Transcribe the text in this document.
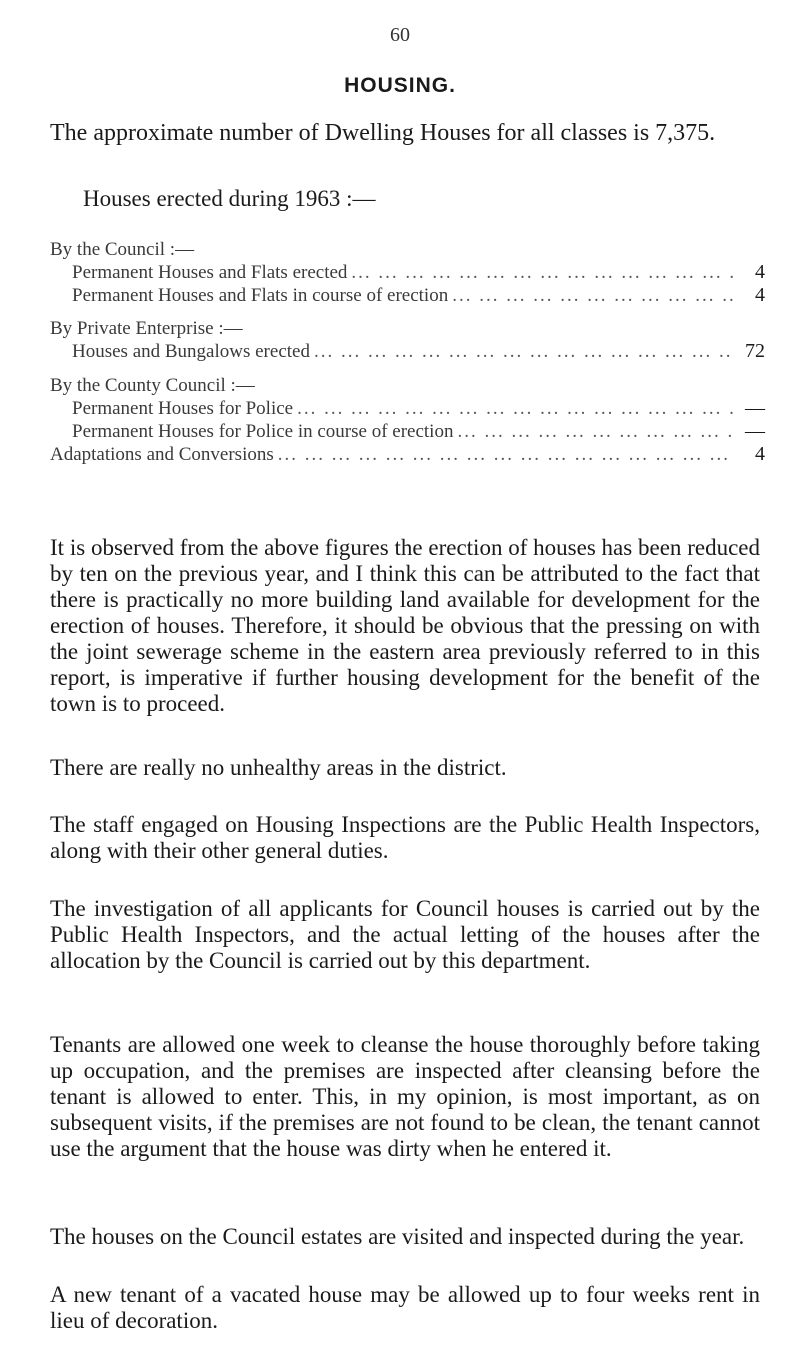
60
HOUSING.
The approximate number of Dwelling Houses for all classes is 7,375.
Houses erected during 1963 :—
By the Council :—
Permanent Houses and Flats erected ... .	4
Permanent Houses and Flats in course of erection ... .	4
By Private Enterprise :—
Houses and Bungalows erected ... .	72
By the County Council :—
Permanent Houses for Police ... .	—
Permanent Houses for Police in course of erection ... .	—
Adaptations and Conversions ... .	4
It is observed from the above figures the erection of houses has been reduced by ten on the previous year, and I think this can be attributed to the fact that there is practically no more building land available for development for the erection of houses. Therefore, it should be obvious that the pressing on with the joint sewerage scheme in the eastern area previously referred to in this report, is imperative if further housing development for the benefit of the town is to proceed.
There are really no unhealthy areas in the district.
The staff engaged on Housing Inspections are the Public Health Inspectors, along with their other general duties.
The investigation of all applicants for Council houses is carried out by the Public Health Inspectors, and the actual letting of the houses after the allocation by the Council is carried out by this department.
Tenants are allowed one week to cleanse the house thoroughly before taking up occupation, and the premises are inspected after cleansing before the tenant is allowed to enter. This, in my opinion, is most important, as on subsequent visits, if the premises are not found to be clean, the tenant cannot use the argument that the house was dirty when he entered it.
The houses on the Council estates are visited and inspected during the year.
A new tenant of a vacated house may be allowed up to four weeks rent in lieu of decoration.
